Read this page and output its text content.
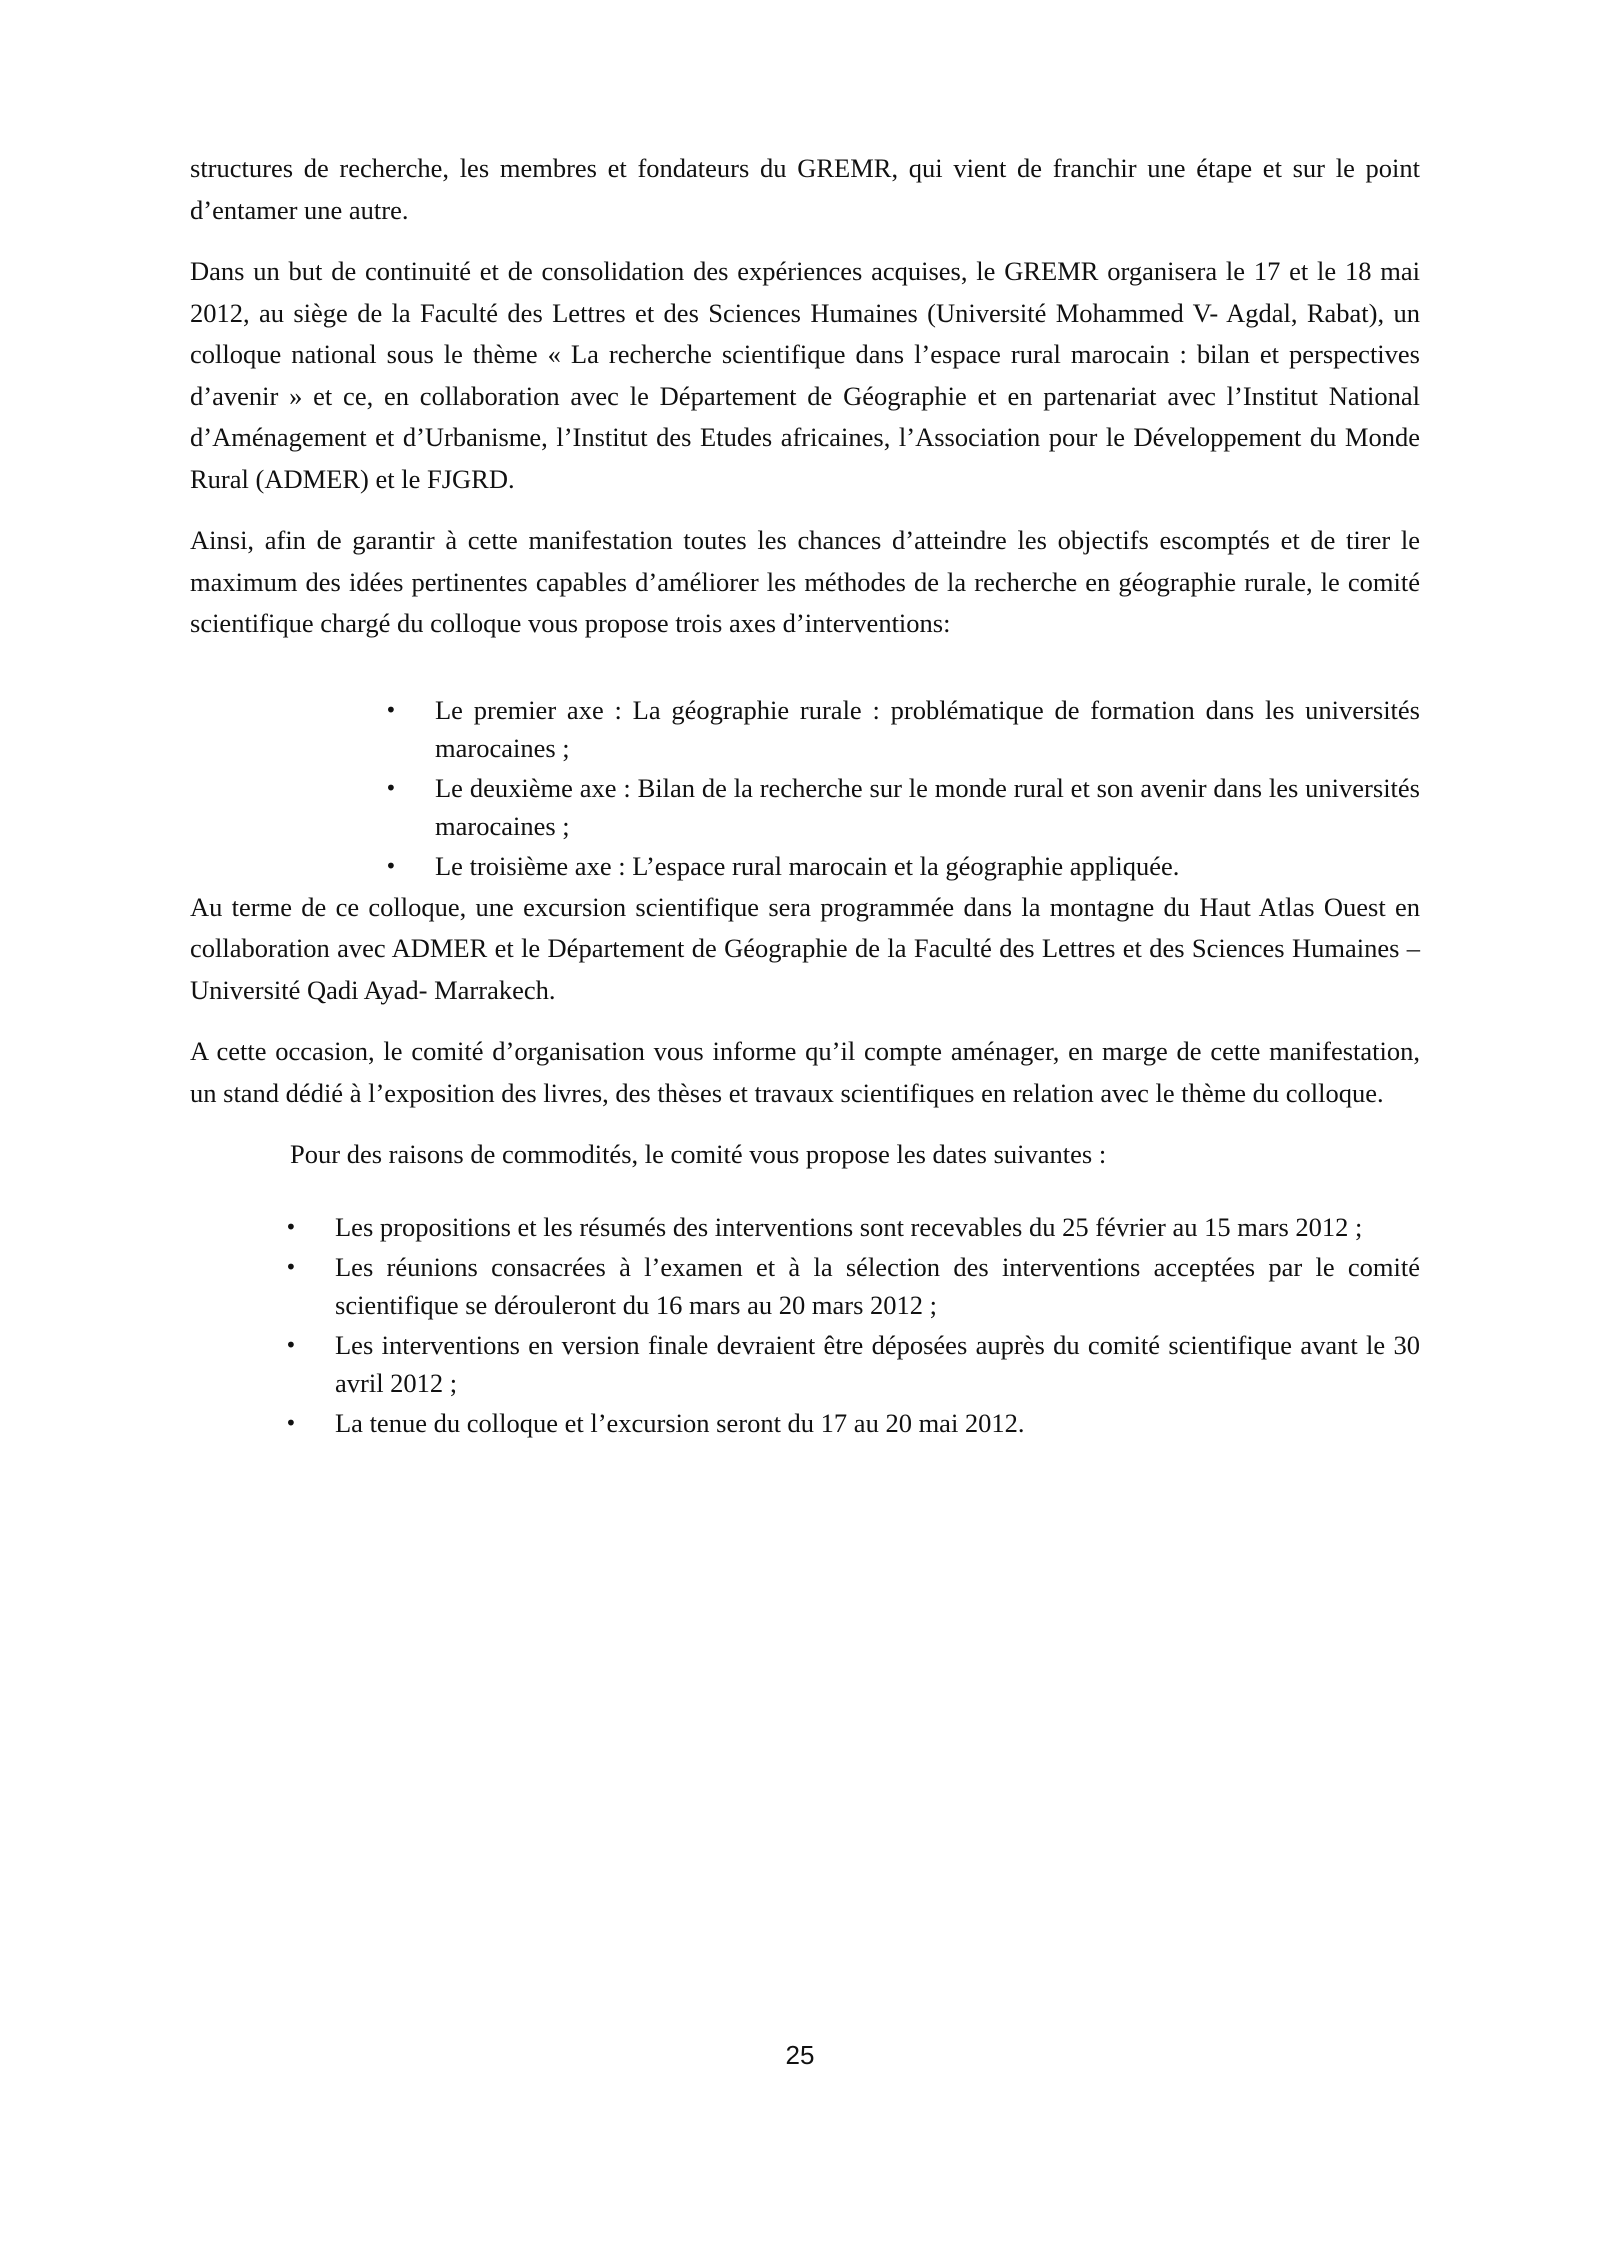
structures de recherche, les membres et fondateurs du GREMR, qui vient de franchir une étape et sur le point d’entamer une autre.

Dans un but de continuité et de consolidation des expériences acquises, le GREMR organisera le 17 et le 18 mai 2012, au siège de la Faculté des Lettres et des Sciences Humaines (Université Mohammed V- Agdal, Rabat), un colloque national sous le thème « La recherche scientifique dans l’espace rural marocain : bilan et perspectives d’avenir » et ce, en collaboration avec le Département de Géographie et en partenariat avec l’Institut National d’Aménagement et d’Urbanisme, l’Institut des Etudes africaines, l’Association pour le Développement du Monde Rural (ADMER) et le FJGRD.

Ainsi, afin de garantir à cette manifestation toutes les chances d’atteindre les objectifs escomptés et de tirer le maximum des idées pertinentes capables d’améliorer les méthodes de la recherche en géographie rurale, le comité scientifique chargé du colloque vous propose trois axes d’interventions:

• Le premier axe : La géographie rurale : problématique de formation dans les universités marocaines ;
• Le deuxième axe : Bilan de la recherche sur le monde rural et son avenir dans les universités marocaines ;
• Le troisième axe : L’espace rural marocain et la géographie appliquée.

Au terme de ce colloque, une excursion scientifique sera programmée dans la montagne du Haut Atlas Ouest en collaboration avec ADMER et le Département de Géographie de la Faculté des Lettres et des Sciences Humaines – Université Qadi Ayad- Marrakech.

A cette occasion, le comité d’organisation vous informe qu’il compte aménager, en marge de cette manifestation, un stand dédié à l’exposition des livres, des thèses et travaux scientifiques en relation avec le thème du colloque.

Pour des raisons de commodités, le comité vous propose les dates suivantes :

• Les propositions et les résumés des interventions sont recevables du 25 février au 15 mars 2012 ;
• Les réunions consacrées à l’examen et à la sélection des interventions acceptées par le comité scientifique se dérouleront du 16 mars au 20 mars 2012 ;
• Les interventions en version finale devraient être déposées auprès du comité scientifique avant le 30 avril 2012 ;
• La tenue du colloque et l’excursion seront du 17 au 20 mai 2012.
25
